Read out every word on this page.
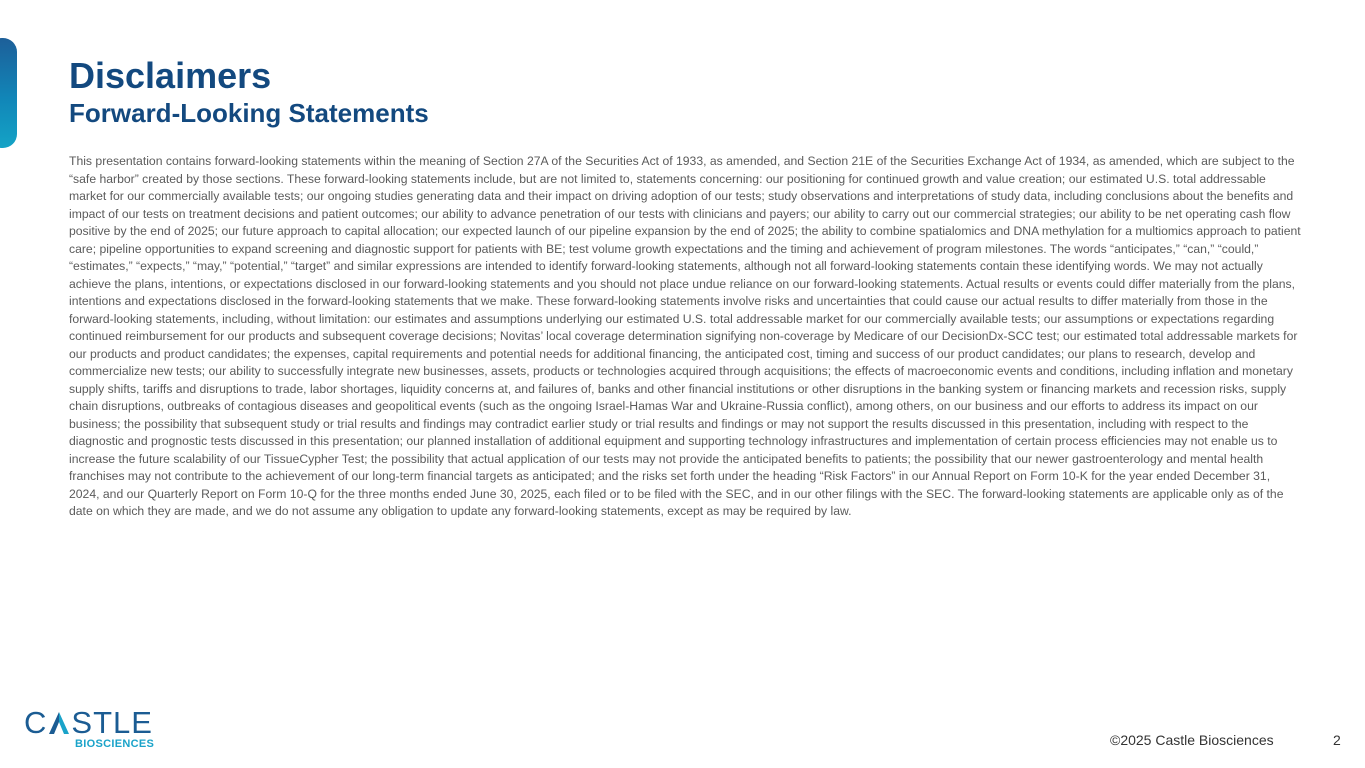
Disclaimers
Forward-Looking Statements

This presentation contains forward-looking statements within the meaning of Section 27A of the Securities Act of 1933, as amended, and Section 21E of the Securities Exchange Act of 1934, as amended, which are subject to the “safe harbor” created by those sections. These forward-looking statements include, but are not limited to, statements concerning: our positioning for continued growth and value creation; our estimated U.S. total addressable market for our commercially available tests; our ongoing studies generating data and their impact on driving adoption of our tests; study observations and interpretations of study data, including conclusions about the benefits and impact of our tests on treatment decisions and patient outcomes; our ability to advance penetration of our tests with clinicians and payers; our ability to carry out our commercial strategies; our ability to be net operating cash flow positive by the end of 2025; our future approach to capital allocation; our expected launch of our pipeline expansion by the end of 2025; the ability to combine spatialomics and DNA methylation for a multiomics approach to patient care; pipeline opportunities to expand screening and diagnostic support for patients with BE; test volume growth expectations and the timing and achievement of program milestones. The words “anticipates,” “can,” “could,” “estimates,” “expects,” “may,” “potential,” “target” and similar expressions are intended to identify forward-looking statements, although not all forward-looking statements contain these identifying words. We may not actually achieve the plans, intentions, or expectations disclosed in our forward-looking statements and you should not place undue reliance on our forward-looking statements. Actual results or events could differ materially from the plans, intentions and expectations disclosed in the forward-looking statements that we make. These forward-looking statements involve risks and uncertainties that could cause our actual results to differ materially from those in the forward-looking statements, including, without limitation: our estimates and assumptions underlying our estimated U.S. total addressable market for our commercially available tests; our assumptions or expectations regarding continued reimbursement for our products and subsequent coverage decisions; Novitas’ local coverage determination signifying non-coverage by Medicare of our DecisionDx-SCC test; our estimated total addressable markets for our products and product candidates; the expenses, capital requirements and potential needs for additional financing, the anticipated cost, timing and success of our product candidates; our plans to research, develop and commercialize new tests; our ability to successfully integrate new businesses, assets, products or technologies acquired through acquisitions; the effects of macroeconomic events and conditions, including inflation and monetary supply shifts, tariffs and disruptions to trade, labor shortages, liquidity concerns at, and failures of, banks and other financial institutions or other disruptions in the banking system or financing markets and recession risks, supply chain disruptions, outbreaks of contagious diseases and geopolitical events (such as the ongoing Israel-Hamas War and Ukraine-Russia conflict), among others, on our business and our efforts to address its impact on our business; the possibility that subsequent study or trial results and findings may contradict earlier study or trial results and findings or may not support the results discussed in this presentation, including with respect to the diagnostic and prognostic tests discussed in this presentation; our planned installation of additional equipment and supporting technology infrastructures and implementation of certain process efficiencies may not enable us to increase the future scalability of our TissueCypher Test; the possibility that actual application of our tests may not provide the anticipated benefits to patients; the possibility that our newer gastroenterology and mental health franchises may not contribute to the achievement of our long-term financial targets as anticipated; and the risks set forth under the heading “Risk Factors” in our Annual Report on Form 10-K for the year ended December 31, 2024, and our Quarterly Report on Form 10-Q for the three months ended June 30, 2025, each filed or to be filed with the SEC, and in our other filings with the SEC. The forward-looking statements are applicable only as of the date on which they are made, and we do not assume any obligation to update any forward-looking statements, except as may be required by law.

C STLE
BIOSCIENCES	©2025 Castle Biosciences	2
